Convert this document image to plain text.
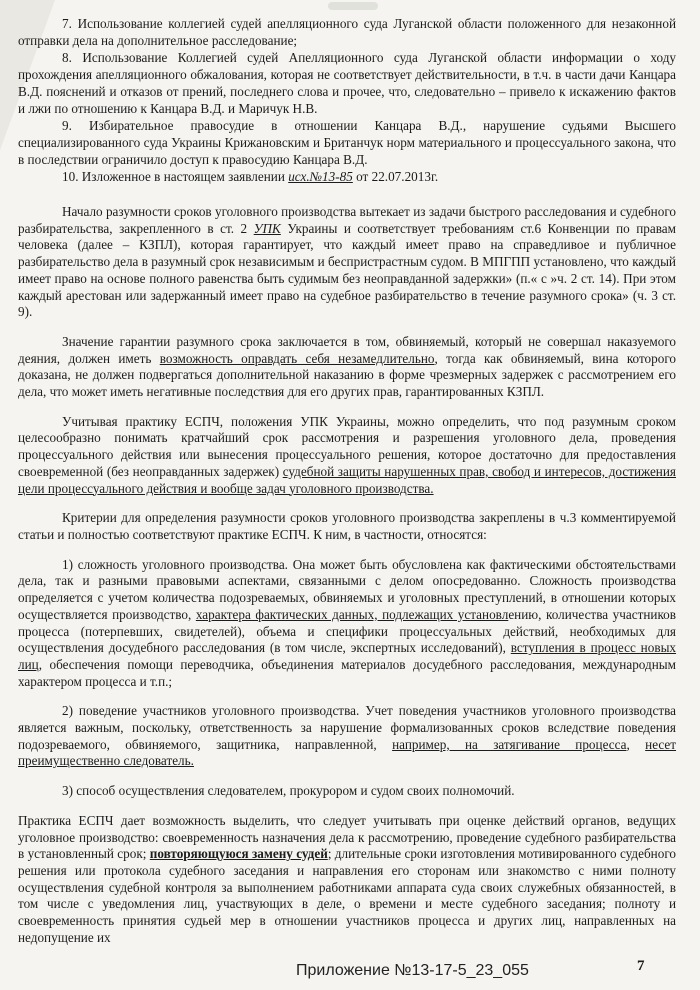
7. Использование коллегией судей апелляционного суда Луганской области положенного для незаконной отправки дела на дополнительное расследование;

8. Использование Коллегией судей Апелляционного суда Луганской области информации о ходу прохождения апелляционного обжалования, которая не соответствует действительности, в т.ч. в части дачи Канцара В.Д. пояснений и отказов от прений, последнего слова и прочее, что, следовательно – привело к искажению фактов и лжи по отношению к Канцара В.Д. и Маричук Н.В.

9. Избирательное правосудие в отношении Канцара В.Д., нарушение судьями Высшего специализированного суда Украины Крижановским и Британчук норм материального и процессуального закона, что в последствии ограничило доступ к правосудию Канцара В.Д.

10. Изложенное в настоящем заявлении исх.№13-85 от 22.07.2013г.

Начало разумности сроков уголовного производства вытекает из задачи быстрого расследования и судебного разбирательства, закрепленного в ст. 2 УПК Украины и соответствует требованиям ст.6 Конвенции по правам человека (далее – КЗПЛ), которая гарантирует, что каждый имеет право на справедливое и публичное разбирательство дела в разумный срок независимым и беспристрастным судом. В МПГПП установлено, что каждый имеет право на основе полного равенства быть судимым без неоправданной задержки» (п.« с »ч. 2 ст. 14). При этом каждый арестован или задержанный имеет право на судебное разбирательство в течение разумного срока» (ч. 3 ст. 9).

Значение гарантии разумного срока заключается в том, обвиняемый, который не совершал наказуемого деяния, должен иметь возможность оправдать себя незамедлительно, тогда как обвиняемый, вина которого доказана, не должен подвергаться дополнительной наказанию в форме чрезмерных задержек с рассмотрением его дела, что может иметь негативные последствия для его других прав, гарантированных КЗПЛ.

Учитывая практику ЕСПЧ, положения УПК Украины, можно определить, что под разумным сроком целесообразно понимать кратчайший срок рассмотрения и разрешения уголовного дела, проведения процессуального действия или вынесения процессуального решения, которое достаточно для предоставления своевременной (без неоправданных задержек) судебной защиты нарушенных прав, свобод и интересов, достижения цели процессуального действия и вообще задач уголовного производства.

Критерии для определения разумности сроков уголовного производства закреплены в ч.3 комментируемой статьи и полностью соответствуют практике ЕСПЧ. К ним, в частности, относятся:

1) сложность уголовного производства. Она может быть обусловлена как фактическими обстоятельствами дела, так и разными правовыми аспектами, связанными с делом опосредованно. Сложность производства определяется с учетом количества подозреваемых, обвиняемых и уголовных преступлений, в отношении которых осуществляется производство, характера фактических данных, подлежащих установлению, количества участников процесса (потерпевших, свидетелей), объема и специфики процессуальных действий, необходимых для осуществления досудебного расследования (в том числе, экспертных исследований), вступления в процесс новых лиц, обеспечения помощи переводчика, объединения материалов досудебного расследования, международным характером процесса и т.п.;

2) поведение участников уголовного производства. Учет поведения участников уголовного производства является важным, поскольку, ответственность за нарушение формализованных сроков вследствие поведения подозреваемого, обвиняемого, защитника, направленной, например, на затягивание процесса, несет преимущественно следователь.

3) способ осуществления следователем, прокурором и судом своих полномочий.

Практика ЕСПЧ дает возможность выделить, что следует учитывать при оценке действий органов, ведущих уголовное производство: своевременность назначения дела к рассмотрению, проведение судебного разбирательства в установленный срок; повторяющуюся замену судей; длительные сроки изготовления мотивированного судебного решения или протокола судебного заседания и направления его сторонам или знакомство с ними полноту осуществления судебной контроля за выполнением работниками аппарата суда своих служебных обязанностей, в том числе с уведомления лиц, участвующих в деле, о времени и месте судебного заседания; полноту и своевременность принятия судьей мер в отношении участников процесса и других лиц, направленных на недопущение их

Приложение №13-17-5_23_055	7
